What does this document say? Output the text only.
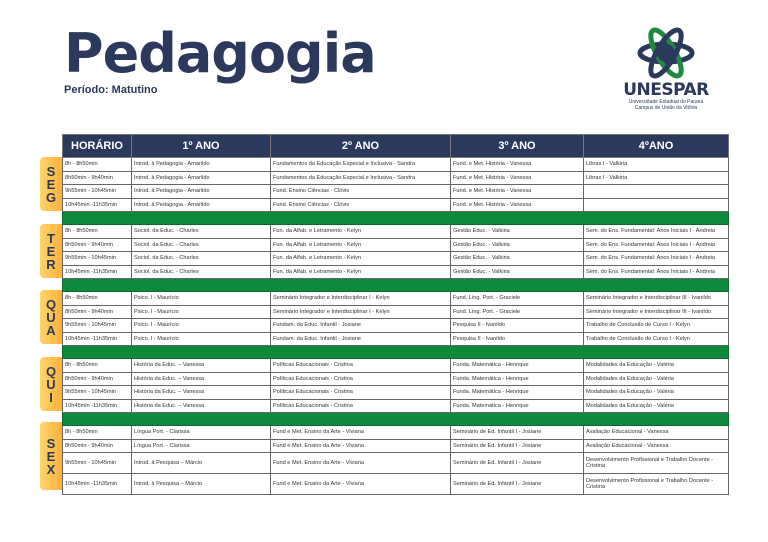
Pedagogia
Período: Matutino	UNESPAR
Universidade Estadual do Paraná
Campus de União da Vitória
HORÁRIO	1º ANO	2º ANO	3º ANO	4ºANO
8h - 8h50min	Introd. à Pedagogia - Amarildo	Fundamentos da Educação Especial e Inclusiva - Sandra	Fund. e Met. História - Vanessa	Libras I - Valkiria
8h50min - 9h40min	Introd. à Pedagogia - Amarildo	Fundamentos da Educação Especial e Inclusiva - Sandra	Fund. e Met. História - Vanessa	Libras I - Valkiria
9h55min - 10h45min	Introd. à Pedagogia - Amarildo	Fund. Ensino Ciências - Clóvis	Fund. e Met. História - Vanessa	
10h45min -11h35min	Introd. à Pedagogia - Amarildo	Fund. Ensino Ciências - Clóvis	Fund. e Met. História - Vanessa	

8h - 8h50min	Sociol. da Educ. - Charles	Fun. da Alfab. e Letramento - Kelyn	Gestão Educ. - Valkiria	Sem. do Ens. Fundamental: Anos Iniciais I - Andreia
8h50min - 9h40min	Sociol. da Educ. - Charles	Fun. da Alfab. e Letramento - Kelyn	Gestão Educ. - Valkiria	Sem. do Ens. Fundamental: Anos Iniciais I - Andreia
9h55min - 10h45min	Sociol. da Educ. - Charles	Fun. da Alfab. e Letramento - Kelyn	Gestão Educ. - Valkiria	Sem. do Ens. Fundamental: Anos Iniciais I - Andreia
10h45min -11h35min	Sociol. da Educ. - Charles	Fun. da Alfab. e Letramento - Kelyn	Gestão Educ. - Valkiria	Sem. do Ens. Fundamental: Anos Iniciais I - Andreia

8h - 8h50min	Psico. I - Maurício	Seminário Integrador e Interdisciplinar I - Kelyn	Fund. Ling. Port. - Graciele	Seminário Integrador e Interdisciplinar III - Ivanildo
8h50min - 9h40min	Psico. I - Maurício	Seminário Integrador e Interdisciplinar I - Kelyn	Fund. Ling. Port. - Graciele	Seminário Integrador e Interdisciplinar III - Ivanildo
9h55min - 10h45min	Psico. I - Maurício	Fundam. da Educ. Infantil - Josiane	Pesquisa II - Ivanildo	Trabalho de Conclusão de Curso I - Kelyn
10h45min -11h35min	Psico. I - Maurício	Fundam. da Educ. Infantil - Josiane	Pesquisa II - Ivanildo	Trabalho de Conclusão de Curso I - Kelyn

8h - 8h50min	História da Educ. – Vanessa	Políticas Educacionais - Cristina	Funda. Matemática - Henrique	Modalidades da Educação - Valéria
8h50min - 9h40min	História da Educ. – Vanessa	Políticas Educacionais - Cristina	Funda. Matemática - Henrique	Modalidades da Educação - Valéria
9h55min - 10h45min	História da Educ. – Vanessa	Políticas Educacionais - Cristina	Funda. Matemática - Henrique	Modalidades da Educação - Valéria
10h45min -11h35min	História da Educ. – Vanessa	Políticas Educacionais - Cristina	Funda. Matemática - Henrique	Modalidades da Educação - Valéria

8h - 8h50min	Língua Port. - Clarissa	Fund e Met. Ensino da Arte - Viviana	Seminário de Ed. Infantil I - Josiane	Avaliação Educacional - Vanessa
8h50min - 9h40min	Língua Port. - Clarissa	Fund e Met. Ensino da Arte - Viviana	Seminário de Ed. Infantil I - Josiane	Avaliação Educacional - Vanessa
9h55min - 10h45min	Introd. à Pesquisa – Márcio	Fund e Met. Ensino da Arte - Viviana	Seminário de Ed. Infantil I - Josiane	Desenvolvimento Profissional e Trabalho Docente - Cristina
10h45min -11h35min	Introd. à Pesquisa – Márcio	Fund e Met. Ensino da Arte - Viviana	Seminário de Ed. Infantil I - Josiane	Desenvolvimento Profissional e Trabalho Docente - Cristina
SEG
TER
QUA
QUI
SEX
